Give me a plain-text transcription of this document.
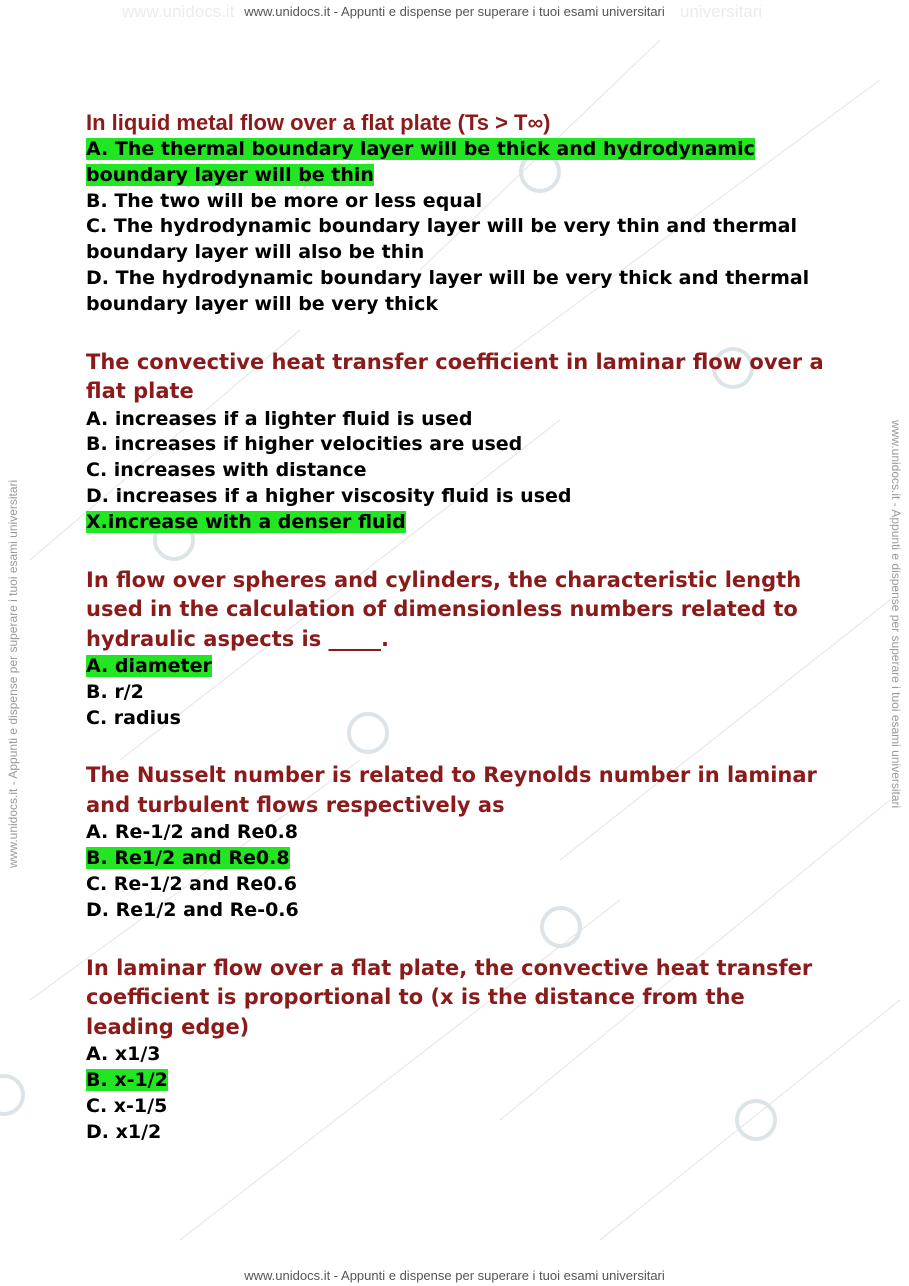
www.unidocs.it	universitari
www.unidocs.it - Appunti e dispense per superare i tuoi esami universitari
www.unidocs.it - Appunti e dispense per superare i tuoi esami universitari
www.unidocs.it - Appunti e dispense per superare i tuoi esami universitari	www.unidocs.it - Appunti e dispense per superare i tuoi esami universitari
In liquid metal flow over a flat plate (Ts > T∞)
A. The thermal boundary layer will be thick and hydrodynamic boundary layer will be thin
B. The two will be more or less equal
C. The hydrodynamic boundary layer will be very thin and thermal boundary layer will also be thin
D. The hydrodynamic boundary layer will be very thick and thermal boundary layer will be very thick
The convective heat transfer coefficient in laminar flow over a flat plate
A. increases if a lighter fluid is used
B. increases if higher velocities are used
C. increases with distance
D. increases if a higher viscosity fluid is used
X.increase with a denser fluid
In flow over spheres and cylinders, the characteristic length used in the calculation of dimensionless numbers related to hydraulic aspects is _____.
A. diameter
B. r/2
C. radius
The Nusselt number is related to Reynolds number in laminar and turbulent flows respectively as
A. Re-1/2 and Re0.8
B. Re1/2 and Re0.8
C. Re-1/2 and Re0.6
D. Re1/2 and Re-0.6
In laminar flow over a flat plate, the convective heat transfer coefficient is proportional to (x is the distance from the leading edge)
A. x1/3
B. x-1/2
C. x-1/5
D. x1/2
